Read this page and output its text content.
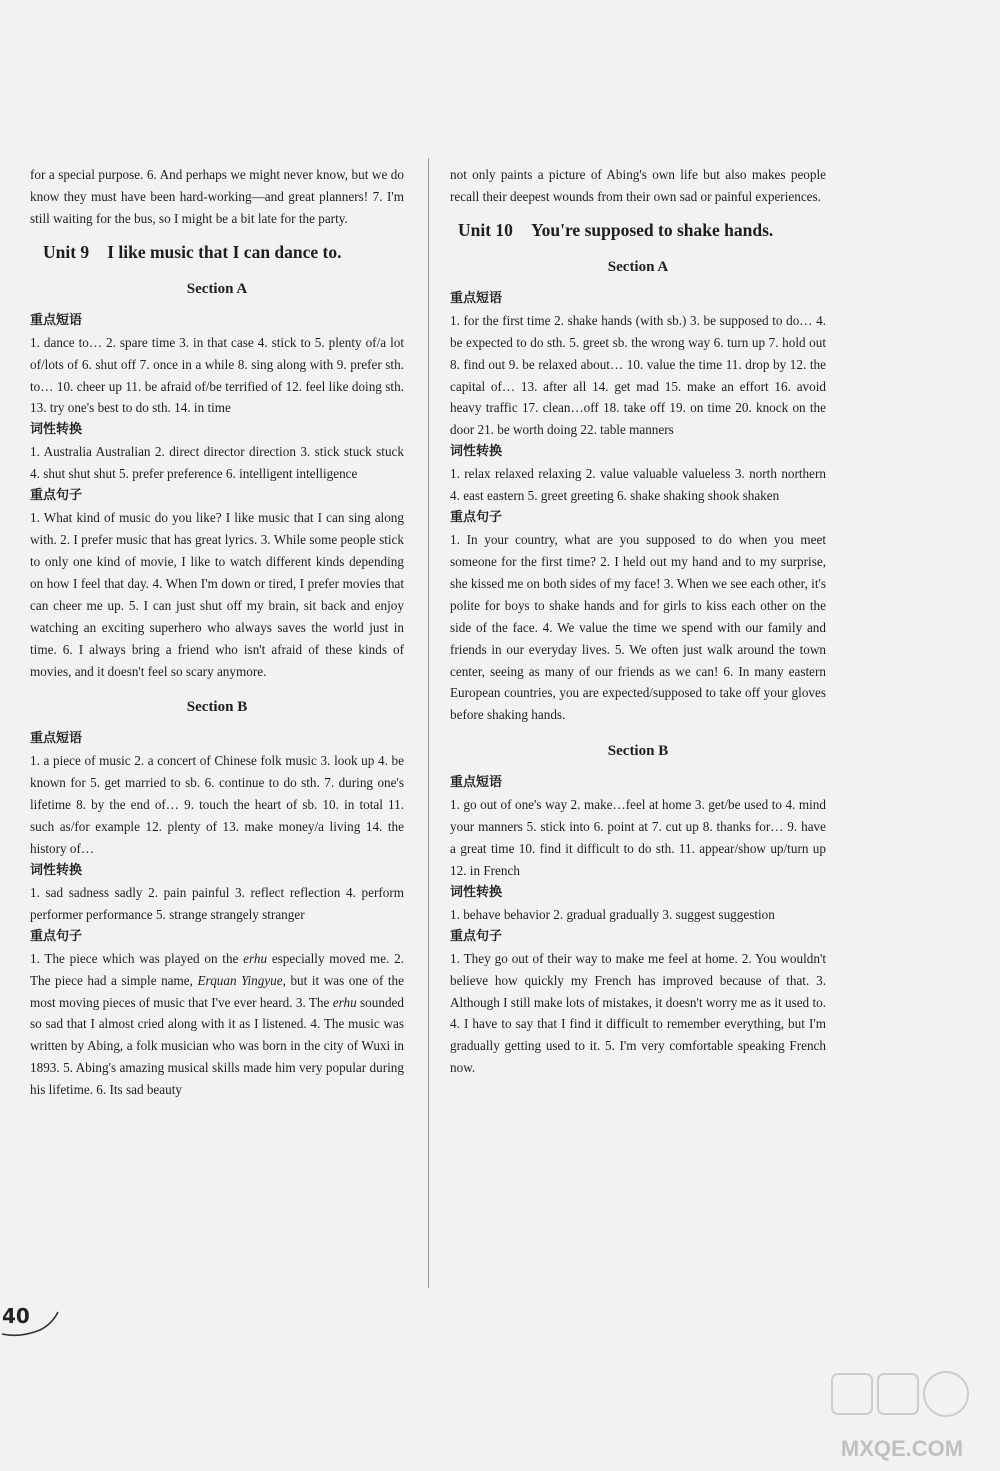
for a special purpose. 6. And perhaps we might never know, but we do know they must have been hard-working—and great planners! 7. I'm still waiting for the bus, so I might be a bit late for the party.

Unit 9 I like music that I can dance to.
Section A
重点短语

1. dance to… 2. spare time 3. in that case 4. stick to 5. plenty of/a lot of/lots of 6. shut off 7. once in a while 8. sing along with 9. prefer sth. to… 10. cheer up 11. be afraid of/be terrified of 12. feel like doing sth. 13. try one's best to do sth. 14. in time

词性转换

1. Australia Australian 2. direct director direction 3. stick stuck stuck 4. shut shut shut 5. prefer preference 6. intelligent intelligence

重点句子

1. What kind of music do you like? I like music that I can sing along with. 2. I prefer music that has great lyrics. 3. While some people stick to only one kind of movie, I like to watch different kinds depending on how I feel that day. 4. When I'm down or tired, I prefer movies that can cheer me up. 5. I can just shut off my brain, sit back and enjoy watching an exciting superhero who always saves the world just in time. 6. I always bring a friend who isn't afraid of these kinds of movies, and it doesn't feel so scary anymore.

Section B
重点短语

1. a piece of music 2. a concert of Chinese folk music 3. look up 4. be known for 5. get married to sb. 6. continue to do sth. 7. during one's lifetime 8. by the end of… 9. touch the heart of sb. 10. in total 11. such as/for example 12. plenty of 13. make money/a living 14. the history of…

词性转换

1. sad sadness sadly 2. pain painful 3. reflect reflection 4. perform performer performance 5. strange strangely stranger

重点句子

1. The piece which was played on the erhu especially moved me. 2. The piece had a simple name, Erquan Yingyue, but it was one of the most moving pieces of music that I've ever heard. 3. The erhu sounded so sad that I almost cried along with it as I listened. 4. The music was written by Abing, a folk musician who was born in the city of Wuxi in 1893. 5. Abing's amazing musical skills made him very popular during his lifetime. 6. Its sad beauty

not only paints a picture of Abing's own life but also makes people recall their deepest wounds from their own sad or painful experiences.

Unit 10 You're supposed to shake hands.
Section A
重点短语

1. for the first time 2. shake hands (with sb.) 3. be supposed to do… 4. be expected to do sth. 5. greet sb. the wrong way 6. turn up 7. hold out 8. find out 9. be relaxed about… 10. value the time 11. drop by 12. the capital of… 13. after all 14. get mad 15. make an effort 16. avoid heavy traffic 17. clean…off 18. take off 19. on time 20. knock on the door 21. be worth doing 22. table manners

词性转换

1. relax relaxed relaxing 2. value valuable valueless 3. north northern 4. east eastern 5. greet greeting 6. shake shaking shook shaken

重点句子

1. In your country, what are you supposed to do when you meet someone for the first time? 2. I held out my hand and to my surprise, she kissed me on both sides of my face! 3. When we see each other, it's polite for boys to shake hands and for girls to kiss each other on the side of the face. 4. We value the time we spend with our family and friends in our everyday lives. 5. We often just walk around the town center, seeing as many of our friends as we can! 6. In many eastern European countries, you are expected/supposed to take off your gloves before shaking hands.

Section B
重点短语

1. go out of one's way 2. make…feel at home 3. get/be used to 4. mind your manners 5. stick into 6. point at 7. cut up 8. thanks for… 9. have a great time 10. find it difficult to do sth. 11. appear/show up/turn up 12. in French

词性转换

1. behave behavior 2. gradual gradually 3. suggest suggestion

重点句子

1. They go out of their way to make me feel at home. 2. You wouldn't believe how quickly my French has improved because of that. 3. Although I still make lots of mistakes, it doesn't worry me as it used to. 4. I have to say that I find it difficult to remember everything, but I'm gradually getting used to it. 5. I'm very comfortable speaking French now.

40
MXQE.COM
